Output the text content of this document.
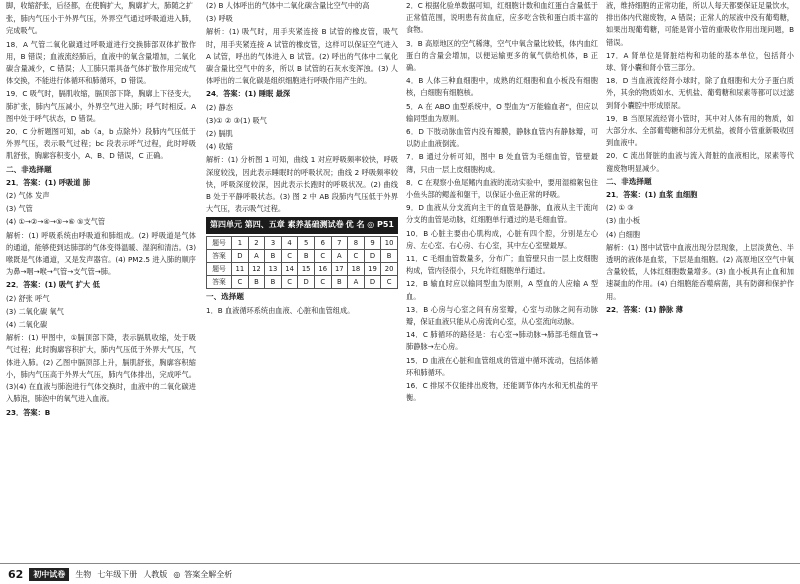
脚，收缩舒张，后径都，在使胸扩大，胸廓扩大，肺随之扩

张，肺内气压小于外界气压，外界空气通过呼吸道进入肺，完成吸气。

18．A 气管二氧化碳通过呼吸道进行交换肺部双体扩散作用，B 错误；血液流经肺后，血液中的氧含量增加，二氧化碳含量减少，C 错误；人工肺只需具备气体扩散作用完成气体交换，不能进行体循环和肺循环，D 错误。

19．C 吸气时，膈肌收缩，膈顶部下降，胸廓上下径变大，肺扩张，肺内气压减小，外界空气进入肺；呼气时相反。A 图中处于呼气状态，D 错误。

20．C 分析题图可知，ab（a，b 点除外）段肺内气压低于外界气压，表示吸气过程；bc 段表示呼气过程，此时呼吸肌舒张，胸廓容积变小，A、B、D 错误，C 正确。

二、非选择题

21．答案：(1) 呼吸道 肺

(2) 气体 发声

(3) 气管

(4) ①→②→④→⑤→⑥ ⑤支气管

解析：(1) 呼吸系统由呼吸道和肺组成。(2) 呼吸道是气体的通道，能够使到达肺部的气体变得温暖、湿润和清洁。(3) 喉既是气体通道，又是发声器官。(4) PM2.5 进入肺的顺序为鼻→咽→喉→气管→支气管→肺。

22．答案：(1) 吸气 扩大 低

(2) 舒张 呼气

(3) 二氧化碳 氧气

(4) 二氧化碳

解析：(1) 甲图中，①膈顶部下降，表示膈肌收缩，处于吸气过程；此时胸廓容积扩大，肺内气压低于外界大气压，气体进入肺。(2) 乙图中膈顶部上升，膈肌舒张，胸廓容积缩小，肺内气压高于外界大气压，肺内气体排出，完成呼气。(3)(4) 在血液与肺泡进行气体交换时，血液中的二氧化碳进入肺泡，肺泡中的氧气进入血液。

23．答案：B

(2) B 人体呼出的气体中二氧化碳含量比空气中的高

(3) 呼吸

解析：(1) 吸气时，用手夹紧连接 B 试管的橡皮管，吸气时，用手夹紧连接 A 试管的橡皮管，这样可以保证空气进入 A 试管，呼出的气体进入 B 试管。(2) 呼出的气体中二氧化碳含量比空气中的多，所以 B 试管的石灰水变浑浊。(3) 人体呼出的二氧化碳是组织细胞进行呼吸作用产生的。

24．答案：(1) 睡眠 最深

(2) 静态

(3)① ② ③(1) 吸气

(2) 膈肌

(4) 收缩

解析：(1) 分析图 1 可知，曲线 1 对应呼吸频率较快，呼吸深度较浅，因此表示睡眠时的呼吸状况；曲线 2 呼吸频率较快，呼吸深度较深，因此表示长跑时的呼吸状况。(2) 曲线 B 处于平静呼吸状态。(3) 图 2 中 AB 段肺内气压低于外界大气压，表示吸气过程。

第四单元 第四、五章 素养基础测试卷 优 名 ◎ P51
题号	1	2	3	4	5	6	7	8	9	10
答案	D	A	B	C	B	C	A	C	D	B
题号	11	12	13	14	15	16	17	18	19	20
答案	C	B	B	C	D	C	B	A	D	C

一、选择题

1．B 血液循环系统由血液、心脏和血管组成。

2．C 根据化验单数据可知，红细胞计数和血红蛋白含量低于正常值范围，说明患有贫血症，应多吃含铁和蛋白质丰富的食物。

3．B 高原地区的空气稀薄，空气中氧含量比较低，体内血红蛋白的含量会增加，以便运输更多的氧气供给机体，B 正确。

4．B 人体三种血细胞中，成熟的红细胞和血小板没有细胞核，白细胞有细胞核。

5．A 在 ABO 血型系统中，O 型血为"万能输血者"，但应以输同型血为原则。

6．D 下肢动脉血管内没有瓣膜，静脉血管内有静脉瓣，可以防止血液倒流。

7．B 通过分析可知，图中 B 处血管为毛细血管，管壁最薄，只由一层上皮细胞构成。

8．C 在观察小鱼尾鳍内血液的流动实验中，要用湿棉絮包住小鱼头部的鳃盖和躯干，以保证小鱼正常的呼吸。

9．D 血液从分支流向主干的血管是静脉，血液从主干流向分支的血管是动脉，红细胞单行通过的是毛细血管。

10．B 心脏主要由心肌构成，心脏有四个腔，分别是左心房、左心室、右心房、右心室，其中左心室壁最厚。

11．C 毛细血管数量多，分布广；血管壁只由一层上皮细胞构成，管内径很小，只允许红细胞单行通过。

12．B 输血时应以输同型血为原则，A 型血的人应输 A 型血。

13．B 心房与心室之间有房室瓣，心室与动脉之间有动脉瓣，保证血液只能从心房流向心室，从心室流向动脉。

14．C 肺循环的路径是：右心室→肺动脉→肺部毛细血管→肺静脉→左心房。

15．D 血液在心脏和血管组成的管道中循环流动，包括体循环和肺循环。

16．C 排尿不仅能排出废物，还能调节体内水和无机盐的平衡。

液，维持细胞的正常功能，所以人每天都要保证足量饮水，排出体内代谢废物，A 错误；正常人的尿液中没有葡萄糖，如果出现葡萄糖，可能是肾小管的重吸收作用出现问题，B 错误。

17．A 肾单位是肾脏结构和功能的基本单位，包括肾小球、肾小囊和肾小管三部分。

18．D 当血液流经肾小球时，除了血细胞和大分子蛋白质外，其余的物质如水、无机盐、葡萄糖和尿素等都可以过滤到肾小囊腔中形成原尿。

19．B 当原尿流经肾小管时，其中对人体有用的物质，如大部分水、全部葡萄糖和部分无机盐，被肾小管重新吸收回到血液中。

20．C 流出肾脏的血液与流入肾脏的血液相比，尿素等代谢废物明显减少。

二、非选择题

21．答案：(1) 血浆 血细胞

(2) ① ③

(3) 血小板

(4) 白细胞

解析：(1) 图中试管中血液出现分层现象，上层淡黄色、半透明的液体是血浆，下层是血细胞。(2) 高原地区空气中氧含量较低，人体红细胞数量增多。(3) 血小板具有止血和加速凝血的作用。(4) 白细胞能吞噬病菌，具有防御和保护作用。

22．答案：(1) 静脉 薄

62	初中试卷	生物 七年级下册 人教版 ◎ 答案全解全析
